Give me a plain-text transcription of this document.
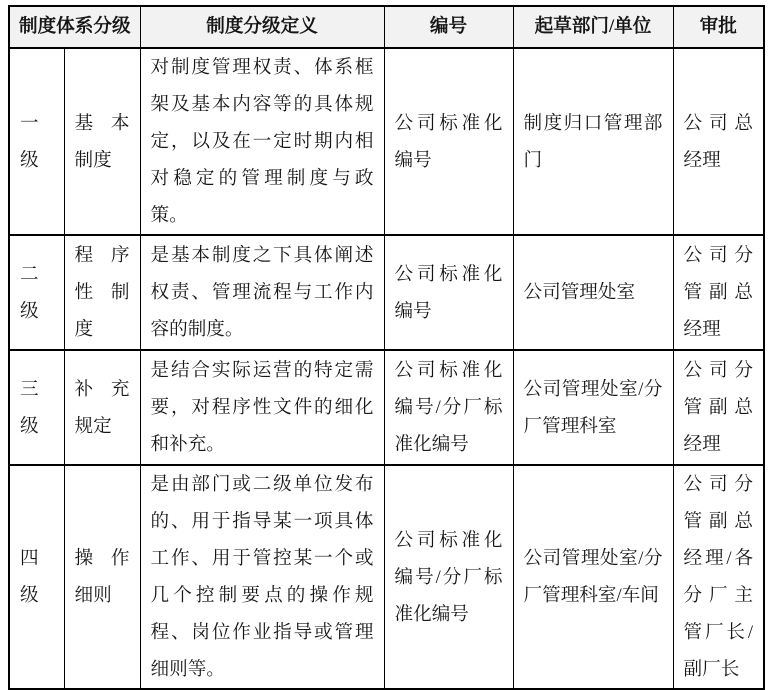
制度体系分级		制度分级定义	编号	起草部门/单位	审批
一级	基本制度	对制度管理权责、体系框架及基本内容等的具体规定，以及在一定时期内相对稳定的管理制度与政策。	公司标准化编号	制度归口管理部门	公司总经理
二级	程序性制度	是基本制度之下具体阐述权责、管理流程与工作内容的制度。	公司标准化编号	公司管理处室	公司分管副总经理
三级	补充规定	是结合实际运营的特定需要，对程序性文件的细化和补充。	公司标准化编号/分厂标准化编号	公司管理处室/分厂管理科室	公司分管副总经理
四级	操作细则	是由部门或二级单位发布的、用于指导某一项具体工作、用于管控某一个或几个控制要点的操作规程、岗位作业指导或管理细则等。	公司标准化编号/分厂标准化编号	公司管理处室/分厂管理科室/车间	公司分管副总经理/各分厂主管厂长/副厂长
